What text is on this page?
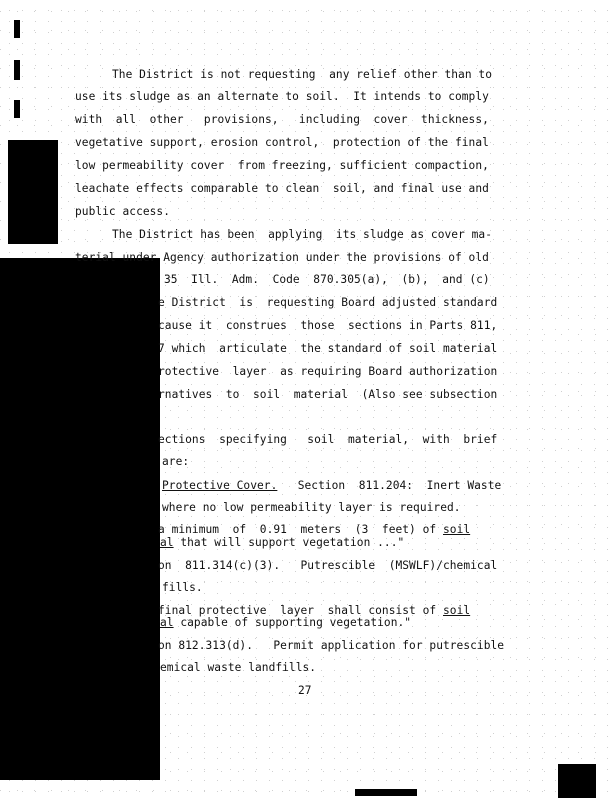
The District is not requesting  any relief other than to
use its sludge as an alternate to soil.  It intends to comply
with  all  other   provisions,   including  cover  thickness,
vegetative support, erosion control,  protection of the final
low permeability cover  from freezing, sufficient compaction,
leachate effects comparable to clean  soil, and final use and
public access.
The District has been  applying  its sludge as cover ma-
terial under Agency authorization under the provisions of old
35  Ill.  Adm.  Code  870.305(a),  (b),  and (c)
e District  is  requesting Board adjusted standard
cause it  construes  those  sections in Parts 811,
7 which  articulate  the standard of soil material
rotective  layer  as requiring Board authorization
rnatives  to  soil  material  (Also see subsection
ections  specifying   soil  material,  with  brief
are:
Protective Cover.   Section  811.204:  Inert Waste
where no low permeability layer is required.
a minimum  of  0.91  meters  (3  feet) of soil
al that will support vegetation ..."
on  811.314(c)(3).   Putrescible  (MSWLF)/chemical
fills.
final protective  layer  shall consist of soil
al capable of supporting vegetation."
on 812.313(d).   Permit application for putrescible
emical waste landfills.
27
